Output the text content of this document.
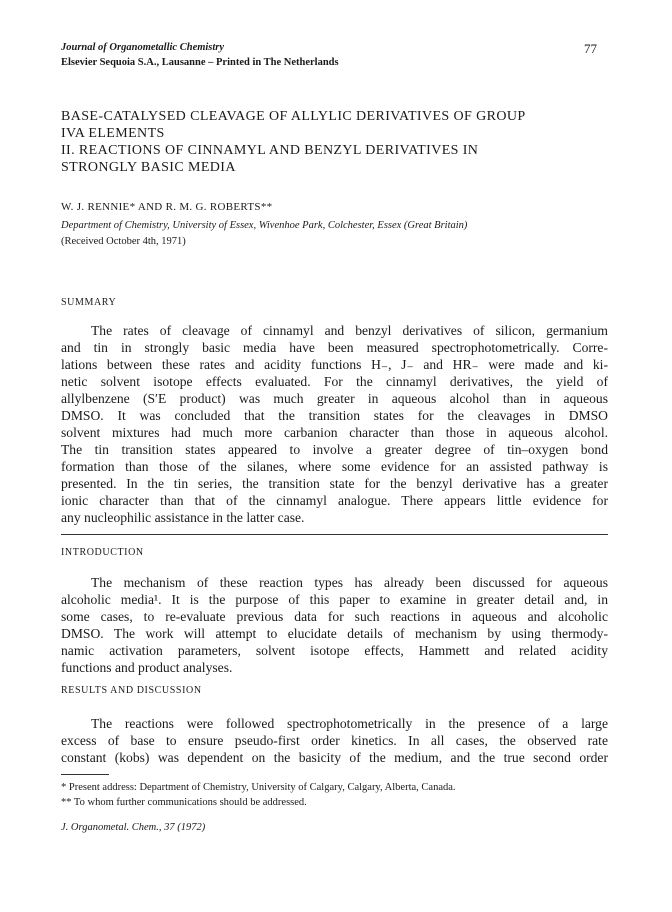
Journal of Organometallic Chemistry
Elsevier Sequoia S.A., Lausanne – Printed in The Netherlands
77
BASE-CATALYSED CLEAVAGE OF ALLYLIC DERIVATIVES OF GROUP
IVA ELEMENTS
II. REACTIONS OF CINNAMYL AND BENZYL DERIVATIVES IN
STRONGLY BASIC MEDIA
W. J. RENNIE* AND R. M. G. ROBERTS**
Department of Chemistry, University of Essex, Wivenhoe Park, Colchester, Essex (Great Britain)
(Received October 4th, 1971)
SUMMARY
The rates of cleavage of cinnamyl and benzyl derivatives of silicon, germanium
and tin in strongly basic media have been measured spectrophotometrically. Corre-
lations between these rates and acidity functions H₋, J₋ and HR₋ were made and ki-
netic solvent isotope effects evaluated. For the cinnamyl derivatives, the yield of
allylbenzene (S′E product) was much greater in aqueous alcohol than in aqueous
DMSO. It was concluded that the transition states for the cleavages in DMSO
solvent mixtures had much more carbanion character than those in aqueous alcohol.
The tin transition states appeared to involve a greater degree of tin–oxygen bond
formation than those of the silanes, where some evidence for an assisted pathway is
presented. In the tin series, the transition state for the benzyl derivative has a greater
ionic character than that of the cinnamyl analogue. There appears little evidence for
any nucleophilic assistance in the latter case.
INTRODUCTION
The mechanism of these reaction types has already been discussed for aqueous
alcoholic media¹. It is the purpose of this paper to examine in greater detail and, in
some cases, to re-evaluate previous data for such reactions in aqueous and alcoholic
DMSO. The work will attempt to elucidate details of mechanism by using thermody-
namic activation parameters, solvent isotope effects, Hammett and related acidity
functions and product analyses.
RESULTS AND DISCUSSION
The reactions were followed spectrophotometrically in the presence of a large
excess of base to ensure pseudo-first order kinetics. In all cases, the observed rate
constant (kobs) was dependent on the basicity of the medium, and the true second order
* Present address: Department of Chemistry, University of Calgary, Calgary, Alberta, Canada.
** To whom further communications should be addressed.
J. Organometal. Chem., 37 (1972)
